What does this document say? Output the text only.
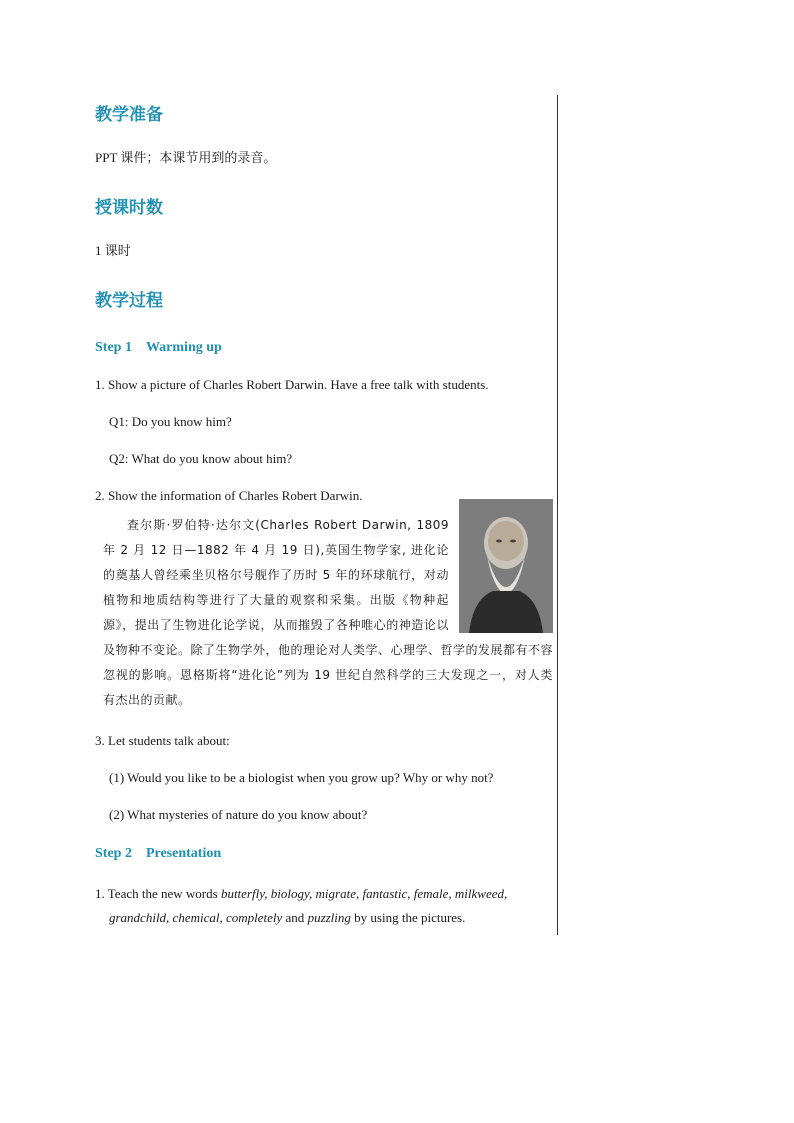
教学准备

PPT 课件；本课节用到的录音。

授课时数

1 课时

教学过程

Step 1 Warming up

1. Show a picture of Charles Robert Darwin. Have a free talk with students.

Q1: Do you know him?

Q2: What do you know about him?

2. Show the information of Charles Robert Darwin.

查尔斯·罗伯特·达尔文(Charles Robert Darwin, 1809 年 2 月 12 日—1882 年 4 月 19 日),英国生物学家, 进化论的奠基人曾经乘坐贝格尔号舰作了历时 5 年的环球航行，对动植物和地质结构等进行了大量的观察和采集。出版《物种起源》，提出了生物进化论学说，从而摧毁了各种唯心的神造论以及物种不变论。除了生物学外，他的理论对人类学、心理学、哲学的发展都有不容忽视的影响。恩格斯将“进化论”列为 19 世纪自然科学的三大发现之一，对人类有杰出的贡献。

3. Let students talk about:

(1) Would you like to be a biologist when you grow up? Why or why not?

(2) What mysteries of nature do you know about?

Step 2 Presentation

1. Teach the new words butterfly, biology, migrate, fantastic, female, milkweed, grandchild, chemical, completely and puzzling by using the pictures.
